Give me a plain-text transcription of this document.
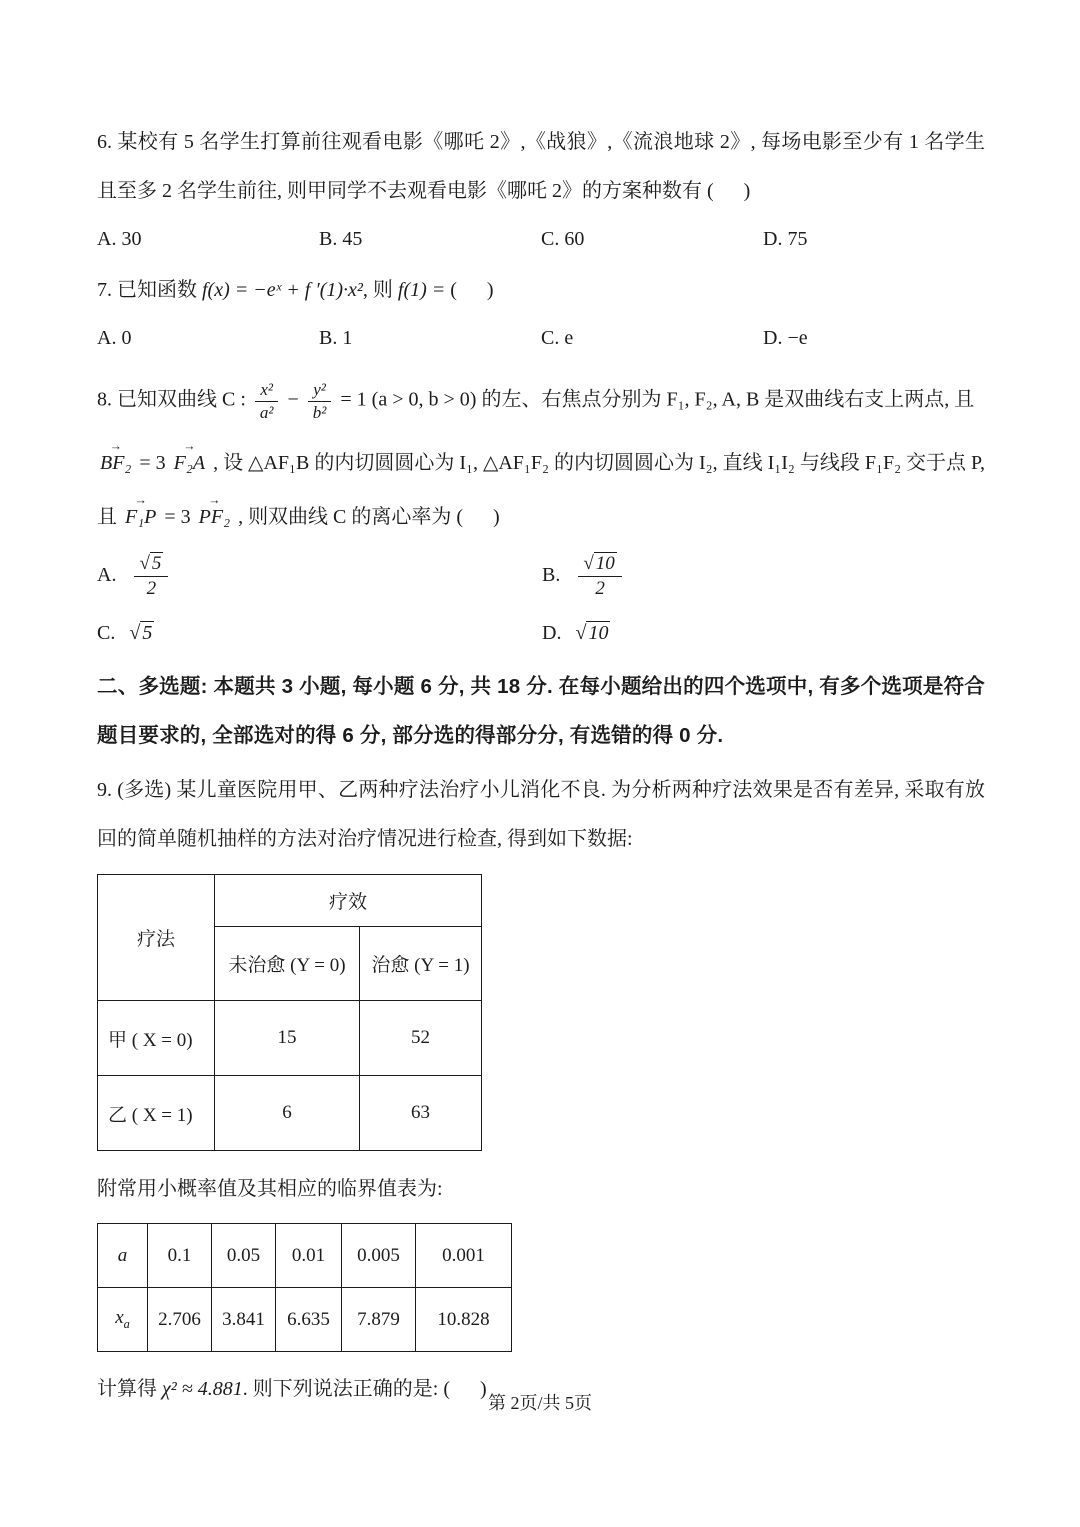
6. 某校有 5 名学生打算前往观看电影《哪吒 2》,《战狼》,《流浪地球 2》, 每场电影至少有 1 名学生且至多 2 名学生前往, 则甲同学不去观看电影《哪吒 2》的方案种数有 (      )
A. 30	B. 45	C. 60	D. 75
7. 已知函数 f(x) = −eˣ + f ′(1)·x², 则 f(1) = (      )
A. 0	B. 1	C. e	D. −e
8. 已知双曲线 C : $\frac{\text{x²}}{\text{a²}} - \frac{\text{y²}}{\text{b²}} = 1$ (a > 0, b > 0) 的左、右焦点分别为 F₁, F₂, A, B 是双曲线右支上两点, 且
BF₂ → = 3 F₂A → , 设 △AF₁B 的内切圆圆心为 I₁, △AF₁F₂ 的内切圆圆心为 I₂, 直线 I₁I₂ 与线段 F₁F₂ 交于点 P,
且 F₁P → = 3 PF₂ → , 则双曲线 C 的离心率为 (      )
A. $\frac{√ 5}{2}$	B. $\frac{√ 10}{2}$
C. √ 5	D. √ 10
二、多选题: 本题共 3 小题, 每小题 6 分, 共 18 分. 在每小题给出的四个选项中, 有多个选项是符合题目要求的, 全部选对的得 6 分, 部分选的得部分分, 有选错的得 0 分.
9. (多选) 某儿童医院用甲、乙两种疗法治疗小儿消化不良. 为分析两种疗法效果是否有差异, 采取有放回的简单随机抽样的方法对治疗情况进行检查, 得到如下数据:
疗法	疗效	
	未治愈 (Y = 0)	治愈 (Y = 1)
甲 ( X = 0)	15	52
乙 ( X = 1)	6	63
附常用小概率值及其相应的临界值表为:
a	0.1	0.05	0.01	0.005	0.001
$x_a$	2.706	3.841	6.635	7.879	10.828
计算得 χ² ≈ 4.881. 则下列说法正确的是: (      )
第 2页/共 5页
